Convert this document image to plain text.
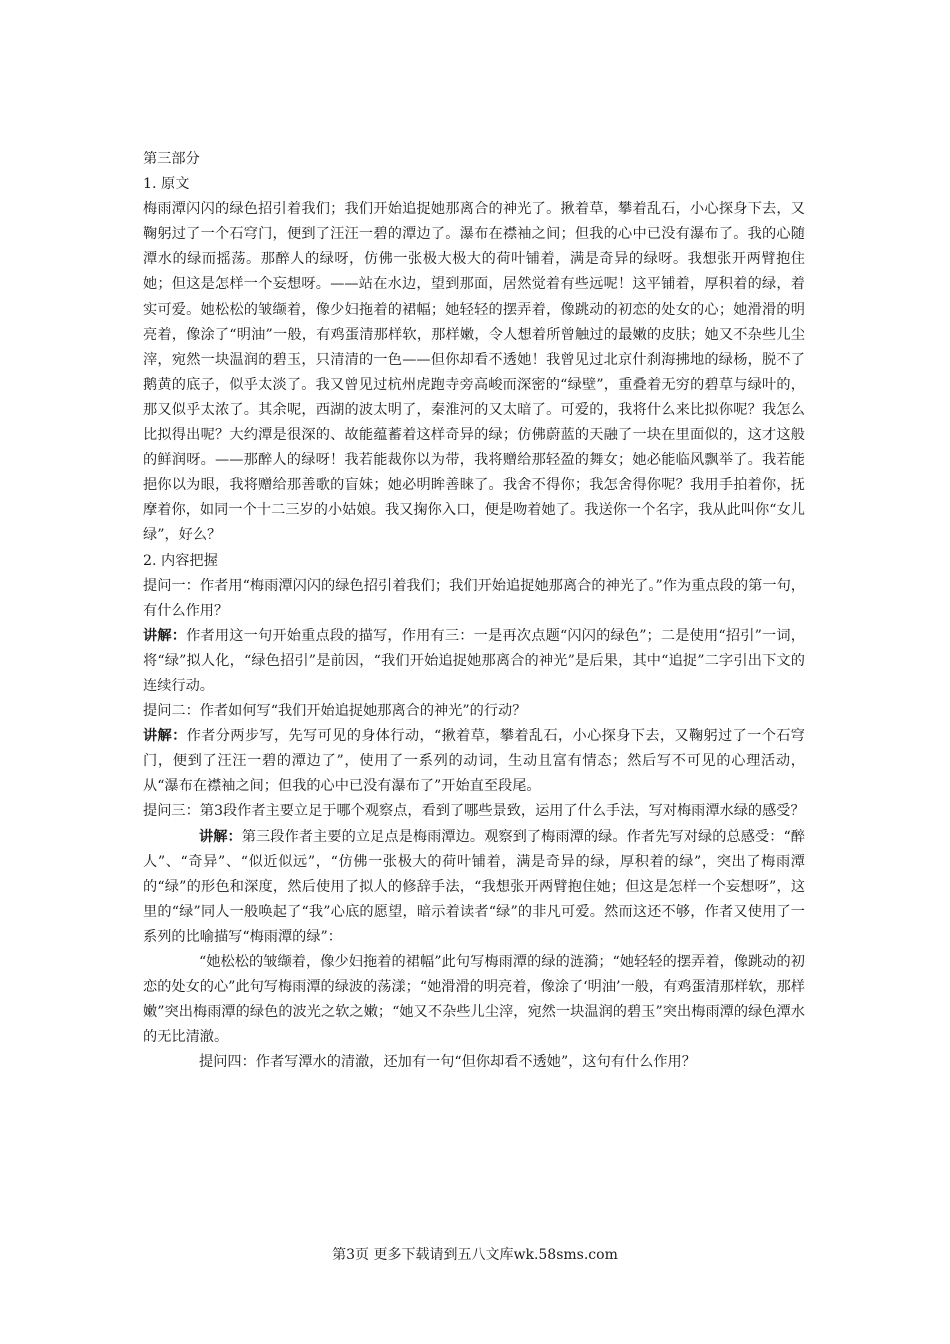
第三部分

1. 原文

梅雨潭闪闪的绿色招引着我们；我们开始追捉她那离合的神光了。揪着草，攀着乱石，小心探身下去，又鞠躬过了一个石穹门，便到了汪汪一碧的潭边了。瀑布在襟袖之间；但我的心中已没有瀑布了。我的心随潭水的绿而摇荡。那醉人的绿呀，仿佛一张极大极大的荷叶铺着，满是奇异的绿呀。我想张开两臂抱住她；但这是怎样一个妄想呀。——站在水边，望到那面，居然觉着有些远呢！这平铺着，厚积着的绿，着实可爱。她松松的皱缬着，像少妇拖着的裙幅；她轻轻的摆弄着，像跳动的初恋的处女的心；她滑滑的明亮着，像涂了“明油”一般，有鸡蛋清那样软，那样嫩，令人想着所曾触过的最嫩的皮肤；她又不杂些儿尘滓，宛然一块温润的碧玉，只清清的一色——但你却看不透她！我曾见过北京什刹海拂地的绿杨，脱不了鹅黄的底子，似乎太淡了。我又曾见过杭州虎跑寺旁高峻而深密的“绿壁”，重叠着无穷的碧草与绿叶的，那又似乎太浓了。其余呢，西湖的波太明了，秦淮河的又太暗了。可爱的，我将什么来比拟你呢？我怎么比拟得出呢？大约潭是很深的、故能蕴蓄着这样奇异的绿；仿佛蔚蓝的天融了一块在里面似的，这才这般的鲜润呀。——那醉人的绿呀！我若能裁你以为带，我将赠给那轻盈的舞女；她必能临风飘举了。我若能挹你以为眼，我将赠给那善歌的盲妹；她必明眸善睐了。我舍不得你；我怎舍得你呢？我用手拍着你，抚摩着你，如同一个十二三岁的小姑娘。我又掬你入口，便是吻着她了。我送你一个名字，我从此叫你“女儿绿”，好么？

2. 内容把握

提问一：作者用“梅雨潭闪闪的绿色招引着我们；我们开始追捉她那离合的神光了。”作为重点段的第一句，有什么作用？

讲解：作者用这一句开始重点段的描写，作用有三：一是再次点题“闪闪的绿色”；二是使用“招引”一词，将“绿”拟人化，“绿色招引”是前因，“我们开始追捉她那离合的神光”是后果，其中“追捉”二字引出下文的连续行动。

提问二：作者如何写“我们开始追捉她那离合的神光”的行动？

讲解：作者分两步写，先写可见的身体行动，“揪着草，攀着乱石，小心探身下去，又鞠躬过了一个石穹门，便到了汪汪一碧的潭边了”，使用了一系列的动词，生动且富有情态；然后写不可见的心理活动，从“瀑布在襟袖之间；但我的心中已没有瀑布了”开始直至段尾。

提问三：第3段作者主要立足于哪个观察点，看到了哪些景致，运用了什么手法，写对梅雨潭水绿的感受？

讲解：第三段作者主要的立足点是梅雨潭边。观察到了梅雨潭的绿。作者先写对绿的总感受：“醉人”、“奇异”、“似近似远”，“仿佛一张极大的荷叶铺着，满是奇异的绿，厚积着的绿”，突出了梅雨潭的“绿”的形色和深度，然后使用了拟人的修辞手法，“我想张开两臂抱住她；但这是怎样一个妄想呀”，这里的“绿”同人一般唤起了“我”心底的愿望，暗示着读者“绿”的非凡可爱。然而这还不够，作者又使用了一系列的比喻描写“梅雨潭的绿”：

“她松松的皱缬着，像少妇拖着的裙幅”此句写梅雨潭的绿的涟漪；“她轻轻的摆弄着，像跳动的初恋的处女的心”此句写梅雨潭的绿波的荡漾；“她滑滑的明亮着，像涂了‘明油’一般，有鸡蛋清那样软，那样嫩”突出梅雨潭的绿色的波光之软之嫩；“她又不杂些儿尘滓，宛然一块温润的碧玉”突出梅雨潭的绿色潭水的无比清澈。

提问四：作者写潭水的清澈，还加有一句“但你却看不透她”，这句有什么作用？

第3页 更多下载请到五八文库wk.58sms.com
